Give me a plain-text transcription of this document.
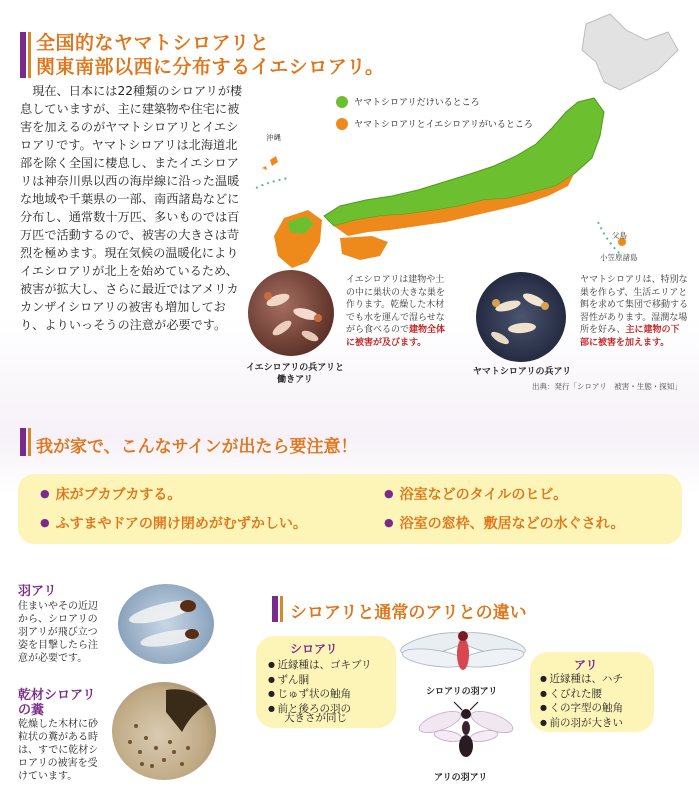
全国的なヤマトシロアリと
関東南部以西に分布するイエシロアリ。

現在、日本には22種類のシロアリが棲息していますが、主に建築物や住宅に被害を加えるのがヤマトシロアリとイエシロアリです。ヤマトシロアリは北海道北部を除く全国に棲息し、またイエシロアリは神奈川県以西の海岸線に沿った温暖な地域や千葉県の一部、南西諸島などに分布し、通常数十万匹、多いものでは百万匹で活動するので、被害の大きさは苛烈を極めます。現在気候の温暖化によりイエシロアリが北上を始めているため、被害が拡大し、さらに最近ではアメリカカンザイシロアリの被害も増加しており、よりいっそうの注意が必要です。

ヤマトシロアリだけいるところ
ヤマトシロアリとイエシロアリがいるところ
沖縄
父島
小笠原諸島
イエシロアリの兵アリと
働きアリ
イエシロアリは建物や土の中に巣状の大きな巣を作ります。乾燥した木材でも水を運んで湿らせながら食べるので建物全体に被害が及びます。
ヤマトシロアリの兵アリ
ヤマトシロアリは、特別な巣を作らず、生活エリアと餌を求めて集団で移動する習性があります。湿潤な場所を好み、主に建物の下部に被害を加えます。
出典：発行「シロアリ　被害・生態・探知」
我が家で、こんなサインが出たら要注意！
● 床がブカブカする。	● 浴室などのタイルのヒビ。
● ふすまやドアの開け閉めがむずかしい。	● 浴室の窓枠、敷居などの水ぐされ。
羽アリ
住まいやその近辺から、シロアリの羽アリが飛び立つ姿を目撃したら注意が必要です。
乾材シロアリ
の糞
乾燥した木材に砂粒状の糞がある時は、すでに乾材シロアリの被害を受けています。
シロアリと通常のアリとの違い
シロアリ
● 近縁種は、ゴキブリ
● ずん胴
● じゅず状の触角
● 前と後ろの羽の
大きさが同じ
アリ
● 近縁種は、ハチ
● くびれた腰
● くの字型の触角
● 前の羽が大きい
シロアリの羽アリ
アリの羽アリ
